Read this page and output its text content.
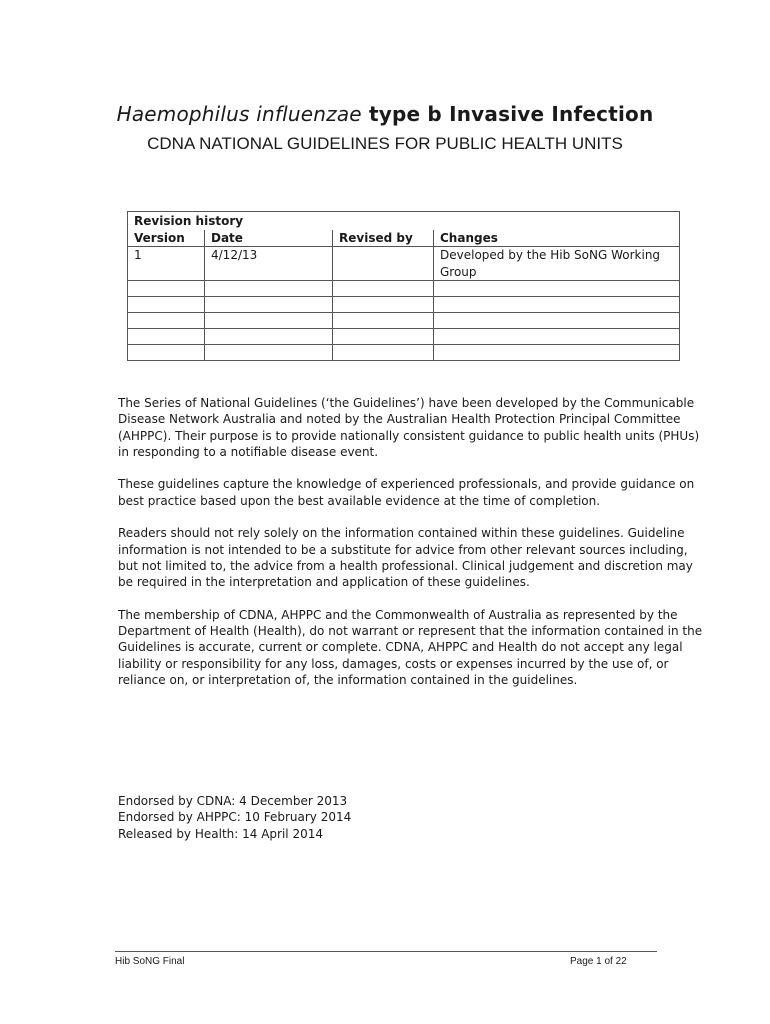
Haemophilus influenzae type b Invasive Infection
CDNA NATIONAL GUIDELINES FOR PUBLIC HEALTH UNITS
Revision history			
Version	Date	Revised by	Changes
1	4/12/13		Developed by the Hib SoNG Working Group

The Series of National Guidelines (‘the Guidelines’) have been developed by the Communicable Disease Network Australia and noted by the Australian Health Protection Principal Committee (AHPPC). Their purpose is to provide nationally consistent guidance to public health units (PHUs) in responding to a notifiable disease event.

These guidelines capture the knowledge of experienced professionals, and provide guidance on best practice based upon the best available evidence at the time of completion.

Readers should not rely solely on the information contained within these guidelines. Guideline information is not intended to be a substitute for advice from other relevant sources including, but not limited to, the advice from a health professional. Clinical judgement and discretion may be required in the interpretation and application of these guidelines.

The membership of CDNA, AHPPC and the Commonwealth of Australia as represented by the Department of Health (Health), do not warrant or represent that the information contained in the Guidelines is accurate, current or complete. CDNA, AHPPC and Health do not accept any legal liability or responsibility for any loss, damages, costs or expenses incurred by the use of, or reliance on, or interpretation of, the information contained in the guidelines.

Endorsed by CDNA: 4 December 2013
Endorsed by AHPPC: 10 February 2014
Released by Health: 14 April 2014
Hib SoNG Final	Page 1 of 22
